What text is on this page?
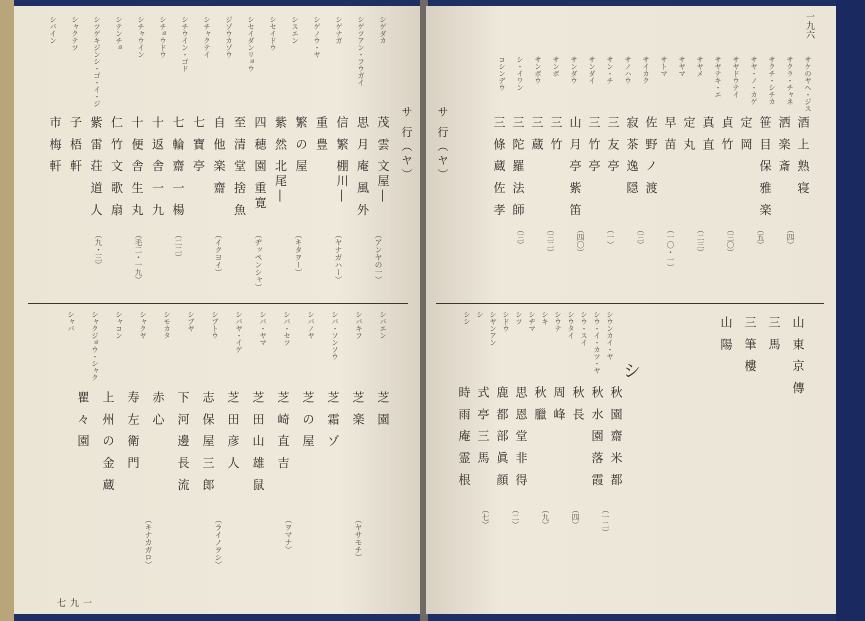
サ 行（ヤ）
一九七
シゲダカ
シゲツアン・フウガイ
シゲナガ
シゲノウ・ヤ
シスエン
シセイドウ
シセイダンリョウ
ジゾウカゾウ
シチャクテイ
シチウイン・ゴド
シチョウドウ
シチャウイン
シテンチョ
シツゲキジンシ・ゴ・イ・ジ
シャクテツ
シバイン
茂 雲 文屋―
思 月 庵 風 外
信 繁 棚川―
重 豊
繁 の 屋
紫 然 北尾―
四 穂 園 重寛
至 清 堂 捨 魚
自 他 楽 齋
七 寶 亭
七 輪 齋 一 楊
十 返 舎 一 九
十 便 舎 生 丸
仁 竹 文 歌 扇
紫 雷 荘 道 人
子 梧 軒
市 梅 軒
（アンヤの一）
（ヤナガハー）
（キタヲー）
（ヂッペンシャ）
（イクヨイ）
（二二）
（毛二・一九）
（九・三）
シバエン
シバキフ
シバ・ソンソウ
シバノヤ
シバ・セツ
シバ・ヤマ
シバヤ・イゲ
シブトウ
シブヤ
シモカタ
シャクヤ
シャコン
シャクジョウ・シャク
シャバ
芝 園
芝 楽
芝 霜 ゾ
芝 の 屋
芝 崎 直 吉
芝 田 山 雄 鼠
芝 田 彦 人
志 保 屋 三 郎
下 河 邊 長 流
赤 心
寿 左 衛 門
上 州 の 金 蔵
瞿 々 園
（ヤサモチ）
（ヲマナ）
（ライノヲシ）
（キナカガロ）
サ 行（ヤ）
一九六
シ
サケのヤヘ・ジス
サクラ・チャネ
サクチ・シチカ
サヤ・ノ・カゲ
サヤドウテイ
サヤテキ・エ
サヤメ
サヤマ
サトマ
サイカク
サノハウ
サン・チ
サンダイ
サンダウ
サンボ
サンボウ
シ・イワン
コシンデウ
酒 上 熟 寝
洒 楽 斎
笹 目 保 雅 楽
定 岡
貞 竹
真 直
定 丸
早 苗
佐 野 ノ 渡
寂 茶 逸 隠
三 友 亭
三 竹 亭
山 月 亭 紫 笛
三 竹
三 蔵
三 陀 羅 法 師
三 條 蔵 佐 孝
（四）
（五）
（三〇）
（二三）
（一〇・一）
（三）
（一）
（四〇）
（三二）
（三）
シウンカイ・ヤ
シウ・イ・カツ・ヤ
シウ・スイ
シウタイ
シウテ
シキ
シヂマ
シツ
シドウ
シヤンアン
シ
シシ
秋 園 齋 米 都
秋 水 園 落 霞
秋 長
周 峰
秋 臘
思 恩 堂 非 得
鹿 都 部 眞 顔
式 亭 三 馬
時 雨 庵 霊 根
（一二）
（四）
（九）
（二）
（七）
山 東 京 傳
三 馬
三 筆 樓
山 陽
